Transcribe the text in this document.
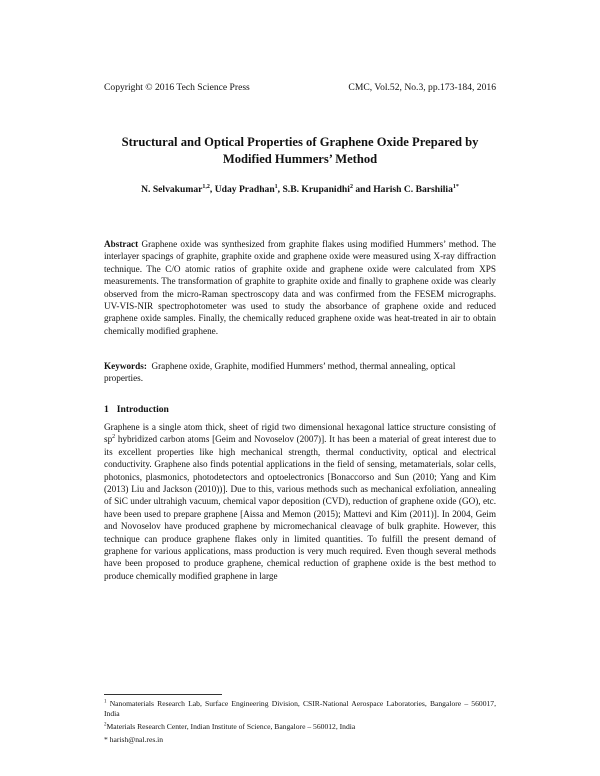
Copyright © 2016 Tech Science Press	CMC, Vol.52, No.3, pp.173-184, 2016
Structural and Optical Properties of Graphene Oxide Prepared by
Modified Hummers’ Method
N. Selvakumar$^{1,2}$, Uday Pradhan$^1$, S.B. Krupanidhi$^2$ and Harish C. Barshilia$^{1*}$

Abstract Graphene oxide was synthesized from graphite flakes using modified Hummers’ method. The interlayer spacings of graphite, graphite oxide and graphene oxide were measured using X-ray diffraction technique. The C/O atomic ratios of graphite oxide and graphene oxide were calculated from XPS measurements. The transformation of graphite to graphite oxide and finally to graphene oxide was clearly observed from the micro-Raman spectroscopy data and was confirmed from the FESEM micrographs. UV-VIS-NIR spectrophotometer was used to study the absorbance of graphene oxide and reduced graphene oxide samples. Finally, the chemically reduced graphene oxide was heat-treated in air to obtain chemically modified graphene.

Keywords: Graphene oxide, Graphite, modified Hummers’ method, thermal annealing, optical properties.

1 Introduction

Graphene is a single atom thick, sheet of rigid two dimensional hexagonal lattice structure consisting of $sp^2$ hybridized carbon atoms [Geim and Novoselov (2007)]. It has been a material of great interest due to its excellent properties like high mechanical strength, thermal conductivity, optical and electrical conductivity. Graphene also finds potential applications in the field of sensing, metamaterials, solar cells, photonics, plasmonics, photodetectors and optoelectronics [Bonaccorso and Sun (2010; Yang and Kim (2013) Liu and Jackson (2010))]. Due to this, various methods such as mechanical exfoliation, annealing of SiC under ultrahigh vacuum, chemical vapor deposition (CVD), reduction of graphene oxide (GO), etc. have been used to prepare graphene [Aissa and Memon (2015); Mattevi and Kim (2011)]. In 2004, Geim and Novoselov have produced graphene by micromechanical cleavage of bulk graphite. However, this technique can produce graphene flakes only in limited quantities. To fulfill the present demand of graphene for various applications, mass production is very much required. Even though several methods have been proposed to produce graphene, chemical reduction of graphene oxide is the best method to produce chemically modified graphene in large

$^1$ Nanomaterials Research Lab, Surface Engineering Division, CSIR-National Aerospace Laboratories, Bangalore – 560017, India

$^2$Materials Research Center, Indian Institute of Science, Bangalore – 560012, India

* harish@nal.res.in
